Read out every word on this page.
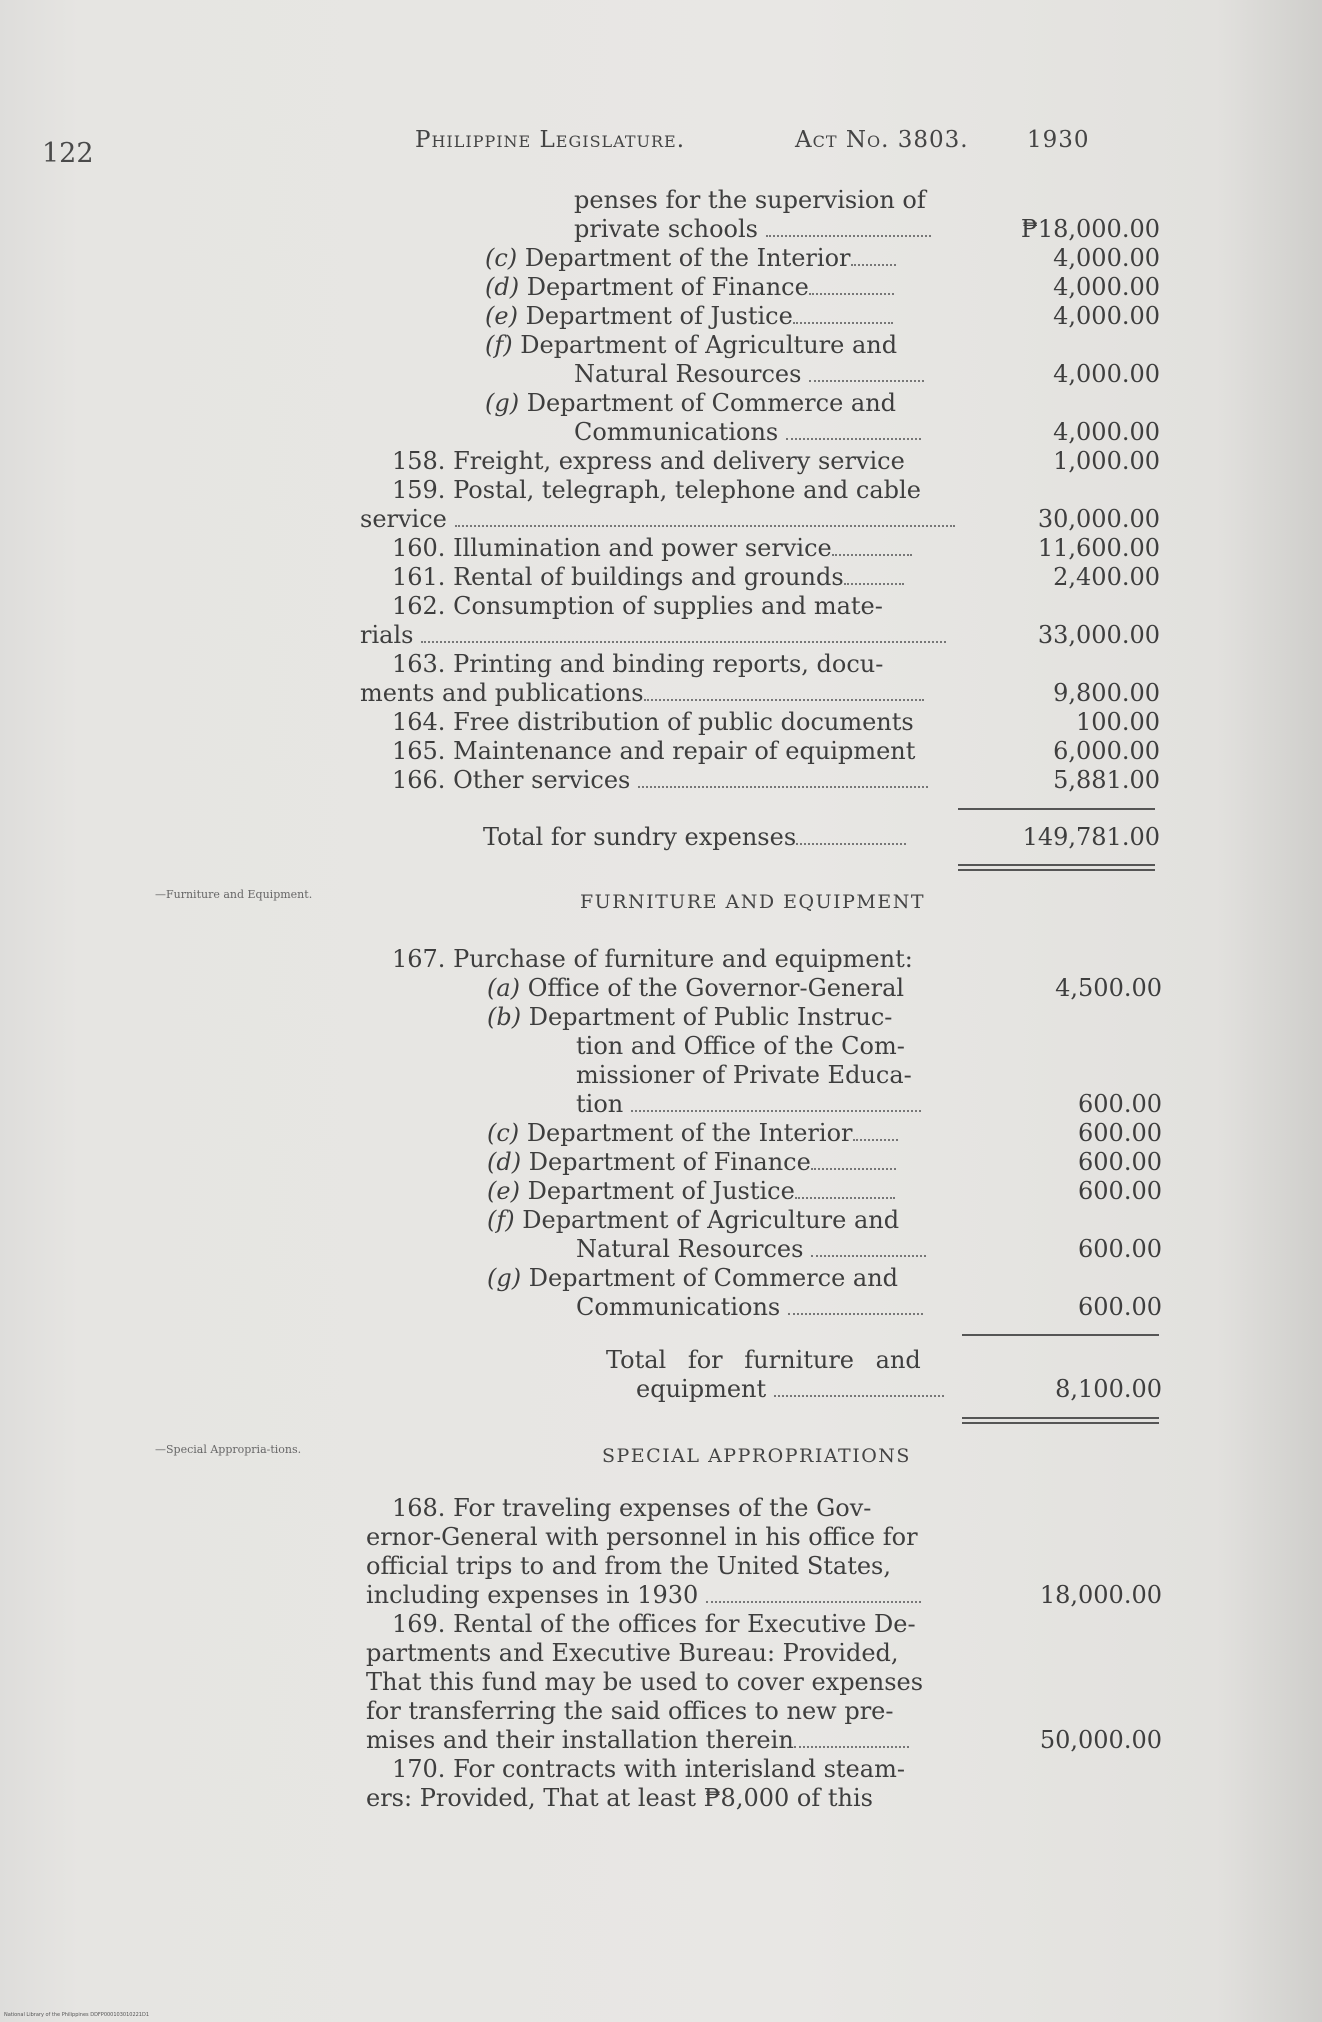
122	Philippine Legislature.	Act No. 3803.	1930
penses for the supervision of
private schools	₱18,000.00
(c) Department of the Interior	4,000.00
(d) Department of Finance	4,000.00
(e) Department of Justice	4,000.00
(f) Department of Agriculture and
Natural Resources	4,000.00
(g) Department of Commerce and
Communications	4,000.00
158. Freight, express and delivery service	1,000.00
159. Postal, telegraph, telephone and cable
service	30,000.00
160. Illumination and power service	11,600.00
161. Rental of buildings and grounds	2,400.00
162. Consumption of supplies and mate-
rials	33,000.00
163. Printing and binding reports, docu-
ments and publications	9,800.00
164. Free distribution of public documents	100.00
165. Maintenance and repair of equipment	6,000.00
166. Other services	5,881.00
Total for sundry expenses	149,781.00
—Furniture and Equipment.	FURNITURE AND EQUIPMENT
167. Purchase of furniture and equipment:
(a) Office of the Governor-General	4,500.00
(b) Department of Public Instruc-
tion and Office of the Com-
missioner of Private Educa-
tion	600.00
(c) Department of the Interior	600.00
(d) Department of Finance	600.00
(e) Department of Justice	600.00
(f) Department of Agriculture and
Natural Resources	600.00
(g) Department of Commerce and
Communications	600.00
Total for furniture and
equipment	8,100.00
—Special Appropria-tions.	SPECIAL APPROPRIATIONS
168. For traveling expenses of the Gov-
ernor-General with personnel in his office for
official trips to and from the United States,
including expenses in 1930	18,000.00
169. Rental of the offices for Executive De-
partments and Executive Bureau: Provided,
That this fund may be used to cover expenses
for transferring the said offices to new pre-
mises and their installation therein	50,000.00
170. For contracts with interisland steam-
ers: Provided, That at least ₱8,000 of this
National Library of the Philippines DDFP000103010221D1
